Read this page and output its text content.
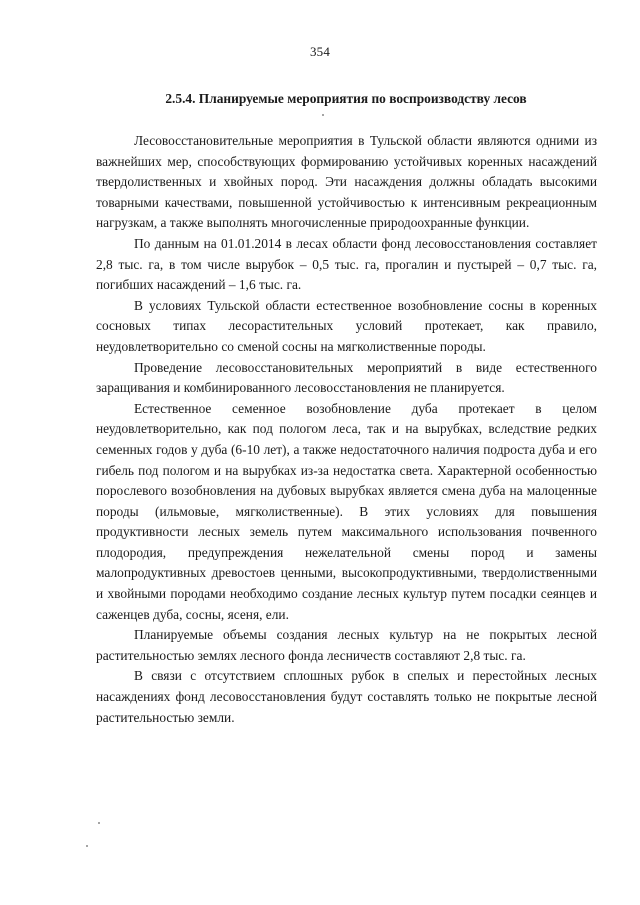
354
2.5.4. Планируемые мероприятия по воспроизводству лесов

Лесовосстановительные мероприятия в Тульской области являются одними из важнейших мер, способствующих формированию устойчивых коренных насаждений твердолиственных и хвойных пород. Эти насаждения должны обладать высокими товарными качествами, повышенной устойчивостью к интенсивным рекреационным нагрузкам, а также выполнять многочисленные природоохранные функции.

По данным на 01.01.2014 в лесах области фонд лесовосстановления составляет 2,8 тыс. га, в том числе вырубок – 0,5 тыс. га, прогалин и пустырей – 0,7 тыс. га, погибших насаждений – 1,6 тыс. га.

В условиях Тульской области естественное возобновление сосны в коренных сосновых типах лесорастительных условий протекает, как правило, неудовлетворительно со сменой сосны на мягколиственные породы.

Проведение лесовосстановительных мероприятий в виде естественного заращивания и комбинированного лесовосстановления не планируется.

Естественное семенное возобновление дуба протекает в целом неудовлетворительно, как под пологом леса, так и на вырубках, вследствие редких семенных годов у дуба (6-10 лет), а также недостаточного наличия подроста дуба и его гибель под пологом и на вырубках из-за недостатка света. Характерной особенностью порослевого возобновления на дубовых вырубках является смена дуба на малоценные породы (ильмовые, мягколиственные). В этих условиях для повышения продуктивности лесных земель путем максимального использования почвенного плодородия, предупреждения нежелательной смены пород и замены малопродуктивных древостоев ценными, высокопродуктивными, твердолиственными и хвойными породами необходимо создание лесных культур путем посадки сеянцев и саженцев дуба, сосны, ясеня, ели.

Планируемые объемы создания лесных культур на не покрытых лесной растительностью землях лесного фонда лесничеств составляют 2,8 тыс. га.

В связи с отсутствием сплошных рубок в спелых и перестойных лесных насаждениях фонд лесовосстановления будут составлять только не покрытые лесной растительностью земли.
